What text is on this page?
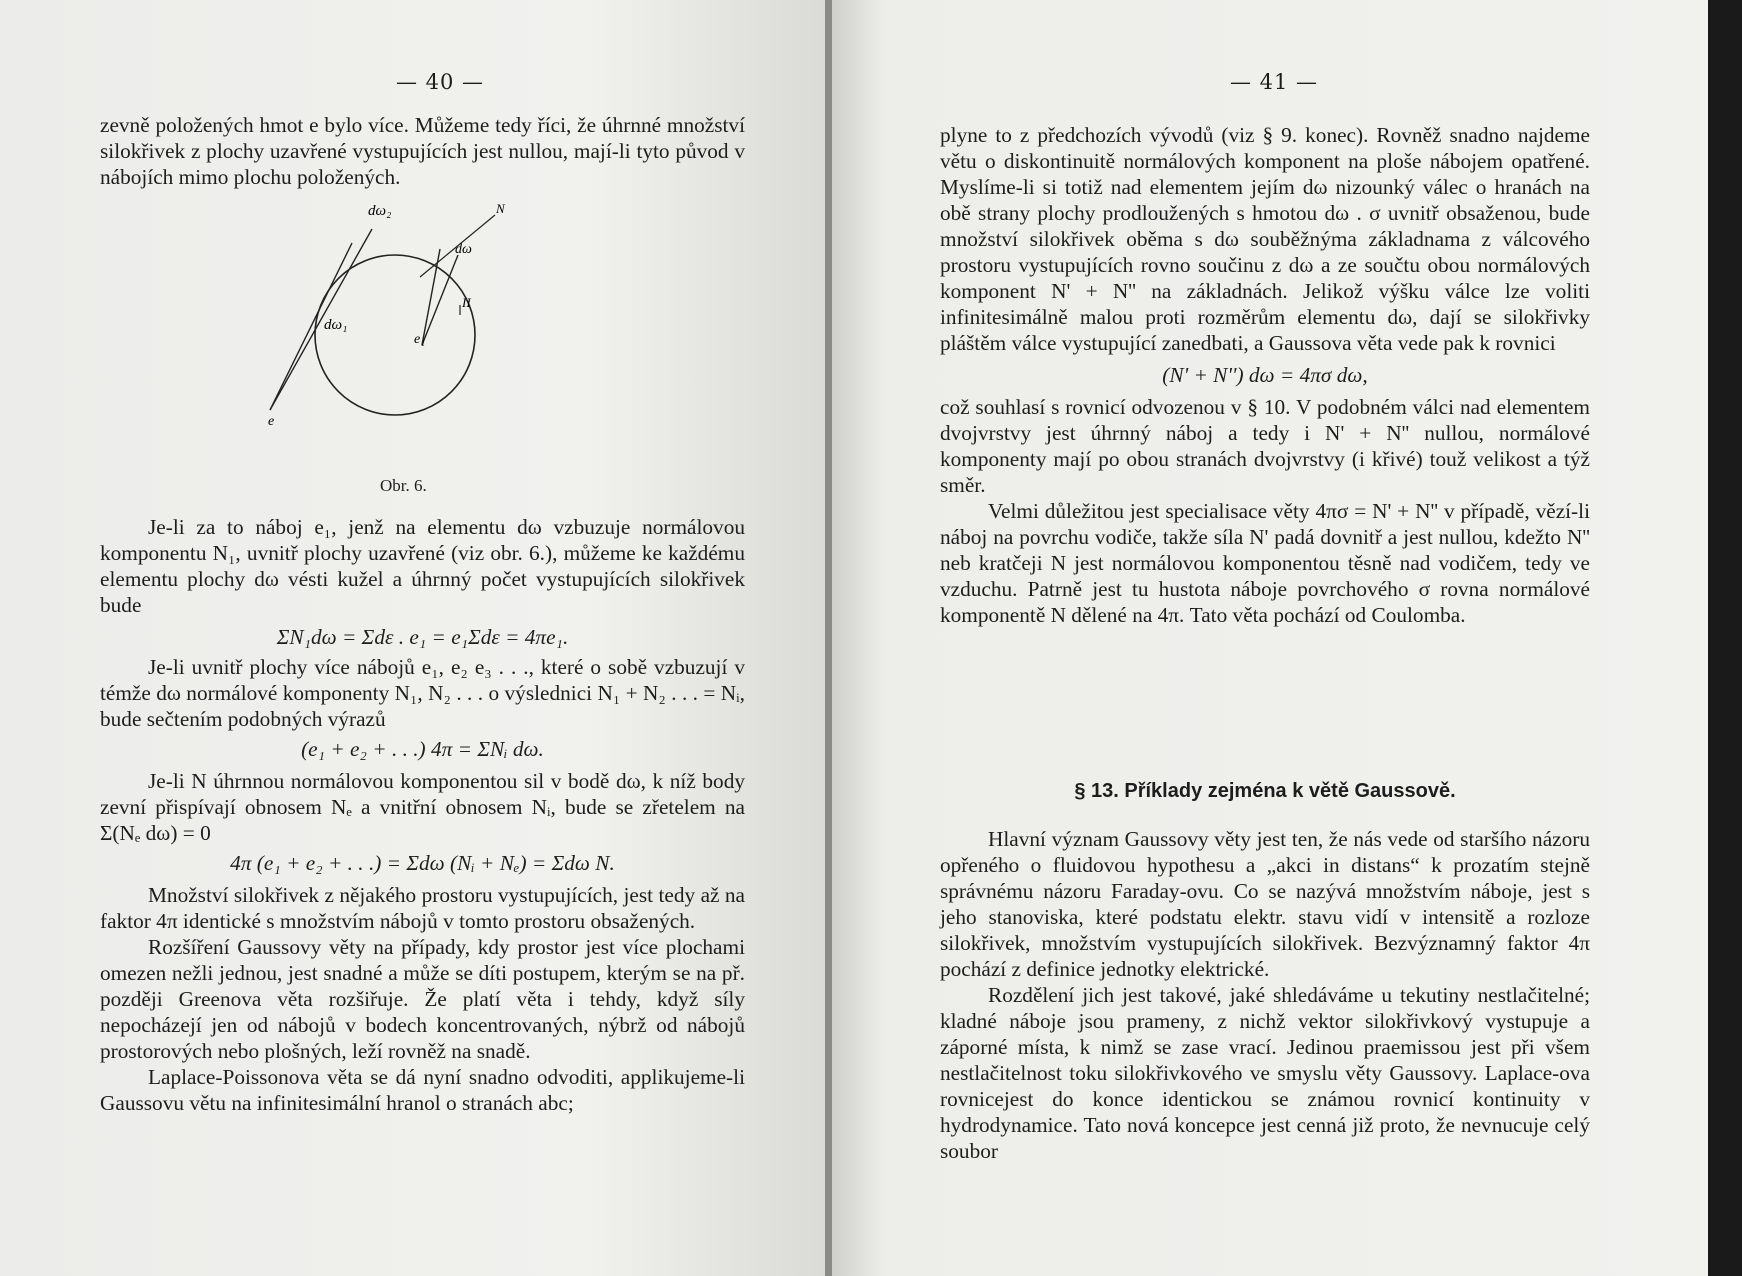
— 40 —

zevně položených hmot e bylo více. Můžeme tedy říci, že úhrnné množství silokřivek z plochy uzavřené vystupujících jest nullou, mají-li tyto původ v nábojích mimo plochu položených.

dω₂	N
dω
II
dω₁
e₁
e
Obr. 6.

Je-li za to náboj e₁, jenž na elementu dω vzbuzuje normálovou komponentu N₁, uvnitř plochy uzavřené (viz obr. 6.), můžeme ke každému elementu plochy dω vésti kužel a úhrnný počet vystupujících silokřivek bude

ΣN₁dω = Σdε . e₁ = e₁Σdε = 4πe₁.

Je-li uvnitř plochy více nábojů e₁, e₂ e₃ . . ., které o sobě vzbuzují v témže dω normálové komponenty N₁, N₂ . . . o výslednici N₁ + N₂ . . . = Nᵢ, bude sečtením podobných výrazů

(e₁ + e₂ + . . .) 4π = ΣNᵢ dω.

Je-li N úhrnnou normálovou komponentou sil v bodě dω, k níž body zevní přispívají obnosem Nₑ a vnitřní obnosem Nᵢ, bude se zřetelem na Σ(Nₑ dω) = 0

4π (e₁ + e₂ + . . .) = Σdω (Nᵢ + Nₑ) = Σdω N.

Množství silokřivek z nějakého prostoru vystupujících, jest tedy až na faktor 4π identické s množstvím nábojů v tomto prostoru obsažených.

Rozšíření Gaussovy věty na případy, kdy prostor jest více plochami omezen nežli jednou, jest snadné a může se díti postupem, kterým se na př. později Greenova věta rozšiřuje. Že platí věta i tehdy, když síly nepocházejí jen od nábojů v bodech koncentrovaných, nýbrž od nábojů prostorových nebo plošných, leží rovněž na snadě.

Laplace-Poissonova věta se dá nyní snadno odvoditi, applikujeme-li Gaussovu větu na infinitesimální hranol o stranách abc;

— 41 —

plyne to z předchozích vývodů (viz § 9. konec). Rovněž snadno najdeme větu o diskontinuitě normálových komponent na ploše nábojem opatřené. Myslíme-li si totiž nad elementem jejím dω nizounký válec o hranách na obě strany plochy prodloužených s hmotou dω . σ uvnitř obsaženou, bude množství silokřivek oběma s dω souběžnýma základnama z válcového prostoru vystupujících rovno součinu z dω a ze součtu obou normálových komponent N' + N'' na základnách. Jelikož výšku válce lze voliti infinitesimálně malou proti rozměrům elementu dω, dají se silokřivky pláštěm válce vystupující zanedbati, a Gaussova věta vede pak k rovnici

(N' + N'') dω = 4πσ dω,

což souhlasí s rovnicí odvozenou v § 10. V podobném válci nad elementem dvojvrstvy jest úhrnný náboj a tedy i N' + N'' nullou, normálové komponenty mají po obou stranách dvojvrstvy (i křivé) touž velikost a týž směr.

Velmi důležitou jest specialisace věty 4πσ = N' + N'' v případě, vězí-li náboj na povrchu vodiče, takže síla N' padá dovnitř a jest nullou, kdežto N'' neb kratčeji N jest normálovou komponentou těsně nad vodičem, tedy ve vzduchu. Patrně jest tu hustota náboje povrchového σ rovna normálové komponentě N dělené na 4π. Tato věta pochází od Coulomba.

§ 13. Příklady zejména k větě Gaussově.

Hlavní význam Gaussovy věty jest ten, že nás vede od staršího názoru opřeného o fluidovou hypothesu a „akci in distans“ k prozatím stejně správnému názoru Faraday-ovu. Co se nazývá množstvím náboje, jest s jeho stanoviska, které podstatu elektr. stavu vidí v intensitě a rozloze silokřivek, množstvím vystupujících silokřivek. Bezvýznamný faktor 4π pochází z definice jednotky elektrické.

Rozdělení jich jest takové, jaké shledáváme u tekutiny nestlačitelné; kladné náboje jsou prameny, z nichž vektor silokřivkový vystupuje a záporné místa, k nimž se zase vrací. Jedinou praemissou jest při všem nestlačitelnost toku silokřivkového ve smyslu věty Gaussovy. Laplace-ova rovnicejest do konce identickou se známou rovnicí kontinuity v hydrodynamice. Tato nová koncepce jest cenná již proto, že nevnucuje celý soubor
